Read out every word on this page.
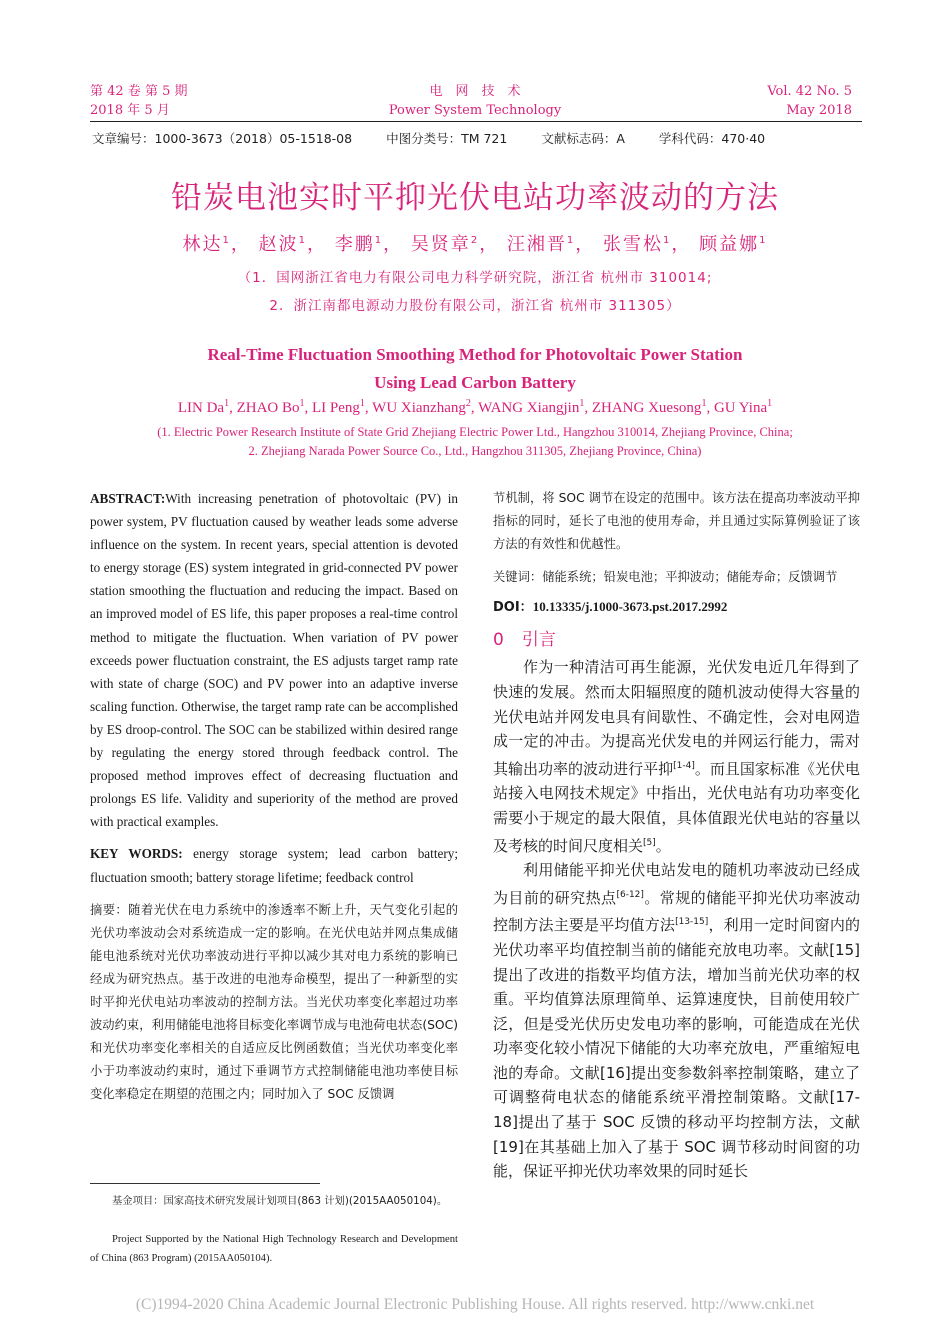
第 42 卷 第 5 期
2018 年 5 月
电　网　技　术
Power System Technology
Vol. 42 No. 5
May 2018
文章编号：1000-3673（2018）05-1518-08	中图分类号：TM 721	文献标志码：A	学科代码：470·40
铅炭电池实时平抑光伏电站功率波动的方法
林达$^1$， 赵波$^1$， 李鹏$^1$， 吴贤章$^2$， 汪湘晋$^1$， 张雪松$^1$， 顾益娜$^1$
（1．国网浙江省电力有限公司电力科学研究院，浙江省 杭州市 310014;
2．浙江南都电源动力股份有限公司，浙江省 杭州市 311305）
Real-Time Fluctuation Smoothing Method for Photovoltaic Power Station
Using Lead Carbon Battery
LIN Da$^1$, ZHAO Bo$^1$, LI Peng$^1$, WU Xianzhang$^2$, WANG Xiangjin$^1$, ZHANG Xuesong$^1$, GU Yina$^1$
(1. Electric Power Research Institute of State Grid Zhejiang Electric Power Ltd., Hangzhou 310014, Zhejiang Province, China;
2. Zhejiang Narada Power Source Co., Ltd., Hangzhou 311305, Zhejiang Province, China)

ABSTRACT:With increasing penetration of photovoltaic (PV) in power system, PV fluctuation caused by weather leads some adverse influence on the system. In recent years, special attention is devoted to energy storage (ES) system integrated in grid-connected PV power station smoothing the fluctuation and reducing the impact. Based on an improved model of ES life, this paper proposes a real-time control method to mitigate the fluctuation. When variation of PV power exceeds power fluctuation constraint, the ES adjusts target ramp rate with state of charge (SOC) and PV power into an adaptive inverse scaling function. Otherwise, the target ramp rate can be accomplished by ES droop-control. The SOC can be stabilized within desired range by regulating the energy stored through feedback control. The proposed method improves effect of decreasing fluctuation and prolongs ES life. Validity and superiority of the method are proved with practical examples.

KEY WORDS: energy storage system; lead carbon battery; fluctuation smooth; battery storage lifetime; feedback control

摘要：随着光伏在电力系统中的渗透率不断上升，天气变化引起的光伏功率波动会对系统造成一定的影响。在光伏电站并网点集成储能电池系统对光伏功率波动进行平抑以减少其对电力系统的影响已经成为研究热点。基于改进的电池寿命模型，提出了一种新型的实时平抑光伏电站功率波动的控制方法。当光伏功率变化率超过功率波动约束，利用储能电池将目标变化率调节成与电池荷电状态(SOC)和光伏功率变化率相关的自适应反比例函数值；当光伏功率变化率小于功率波动约束时，通过下垂调节方式控制储能电池功率使目标变化率稳定在期望的范围之内；同时加入了 SOC 反馈调

基金项目：国家高技术研究发展计划项目(863 计划)(2015AA050104)。

Project Supported by the National High Technology Research and Development of China (863 Program) (2015AA050104).

节机制，将 SOC 调节在设定的范围中。该方法在提高功率波动平抑指标的同时，延长了电池的使用寿命，并且通过实际算例验证了该方法的有效性和优越性。

关键词：储能系统；铅炭电池；平抑波动；储能寿命；反馈调节

DOI：10.13335/j.1000-3673.pst.2017.2992

0 引言

作为一种清洁可再生能源，光伏发电近几年得到了快速的发展。然而太阳辐照度的随机波动使得大容量的光伏电站并网发电具有间歇性、不确定性，会对电网造成一定的冲击。为提高光伏发电的并网运行能力，需对其输出功率的波动进行平抑[1-4]。而且国家标准《光伏电站接入电网技术规定》中指出，光伏电站有功功率变化需要小于规定的最大限值，具体值跟光伏电站的容量以及考核的时间尺度相关[5]。

利用储能平抑光伏电站发电的随机功率波动已经成为目前的研究热点[6-12]。常规的储能平抑光伏功率波动控制方法主要是平均值方法[13-15]，利用一定时间窗内的光伏功率平均值控制当前的储能充放电功率。文献[15]提出了改进的指数平均值方法，增加当前光伏功率的权重。平均值算法原理简单、运算速度快，目前使用较广泛，但是受光伏历史发电功率的影响，可能造成在光伏功率变化较小情况下储能的大功率充放电，严重缩短电池的寿命。文献[16]提出变参数斜率控制策略，建立了可调整荷电状态的储能系统平滑控制策略。文献[17-18]提出了基于 SOC 反馈的移动平均控制方法，文献[19]在其基础上加入了基于 SOC 调节移动时间窗的功能，保证平抑光伏功率效果的同时延长

(C)1994-2020 China Academic Journal Electronic Publishing House. All rights reserved. http://www.cnki.net
